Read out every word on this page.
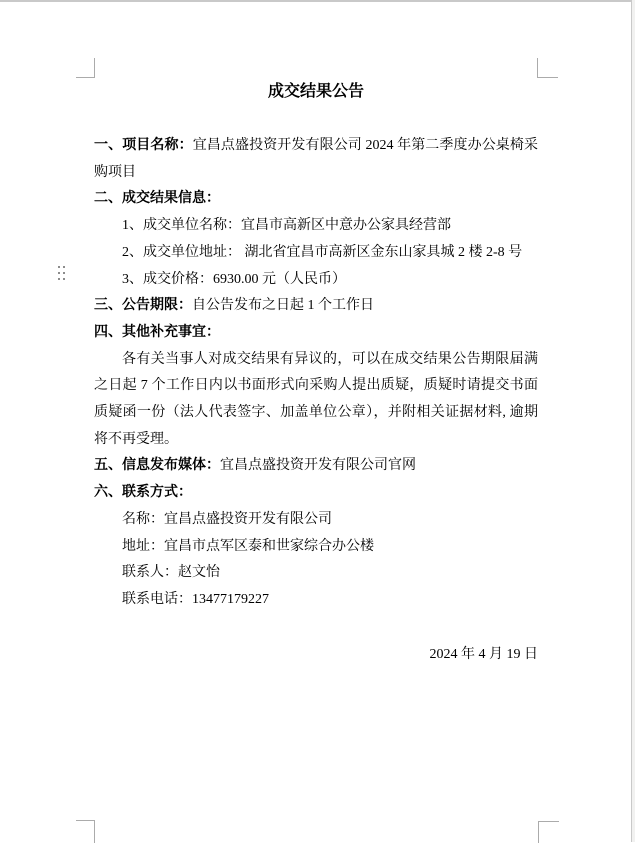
成交结果公告

一、项目名称：宜昌点盛投资开发有限公司 2024 年第二季度办公桌椅采购项目

二、成交结果信息：

1、成交单位名称：宜昌市高新区中意办公家具经营部

2、成交单位地址： 湖北省宜昌市高新区金东山家具城 2 楼 2-8 号

3、成交价格：6930.00 元（人民币）

三、公告期限：自公告发布之日起 1 个工作日

四、其他补充事宜：

各有关当事人对成交结果有异议的，可以在成交结果公告期限届满之日起 7 个工作日内以书面形式向采购人提出质疑，质疑时请提交书面质疑函一份（法人代表签字、加盖单位公章），并附相关证据材料, 逾期将不再受理。

五、信息发布媒体：宜昌点盛投资开发有限公司官网

六、联系方式：

名称：宜昌点盛投资开发有限公司

地址：宜昌市点军区泰和世家综合办公楼

联系人：赵文怡

联系电话：13477179227

2024 年 4 月 19 日
